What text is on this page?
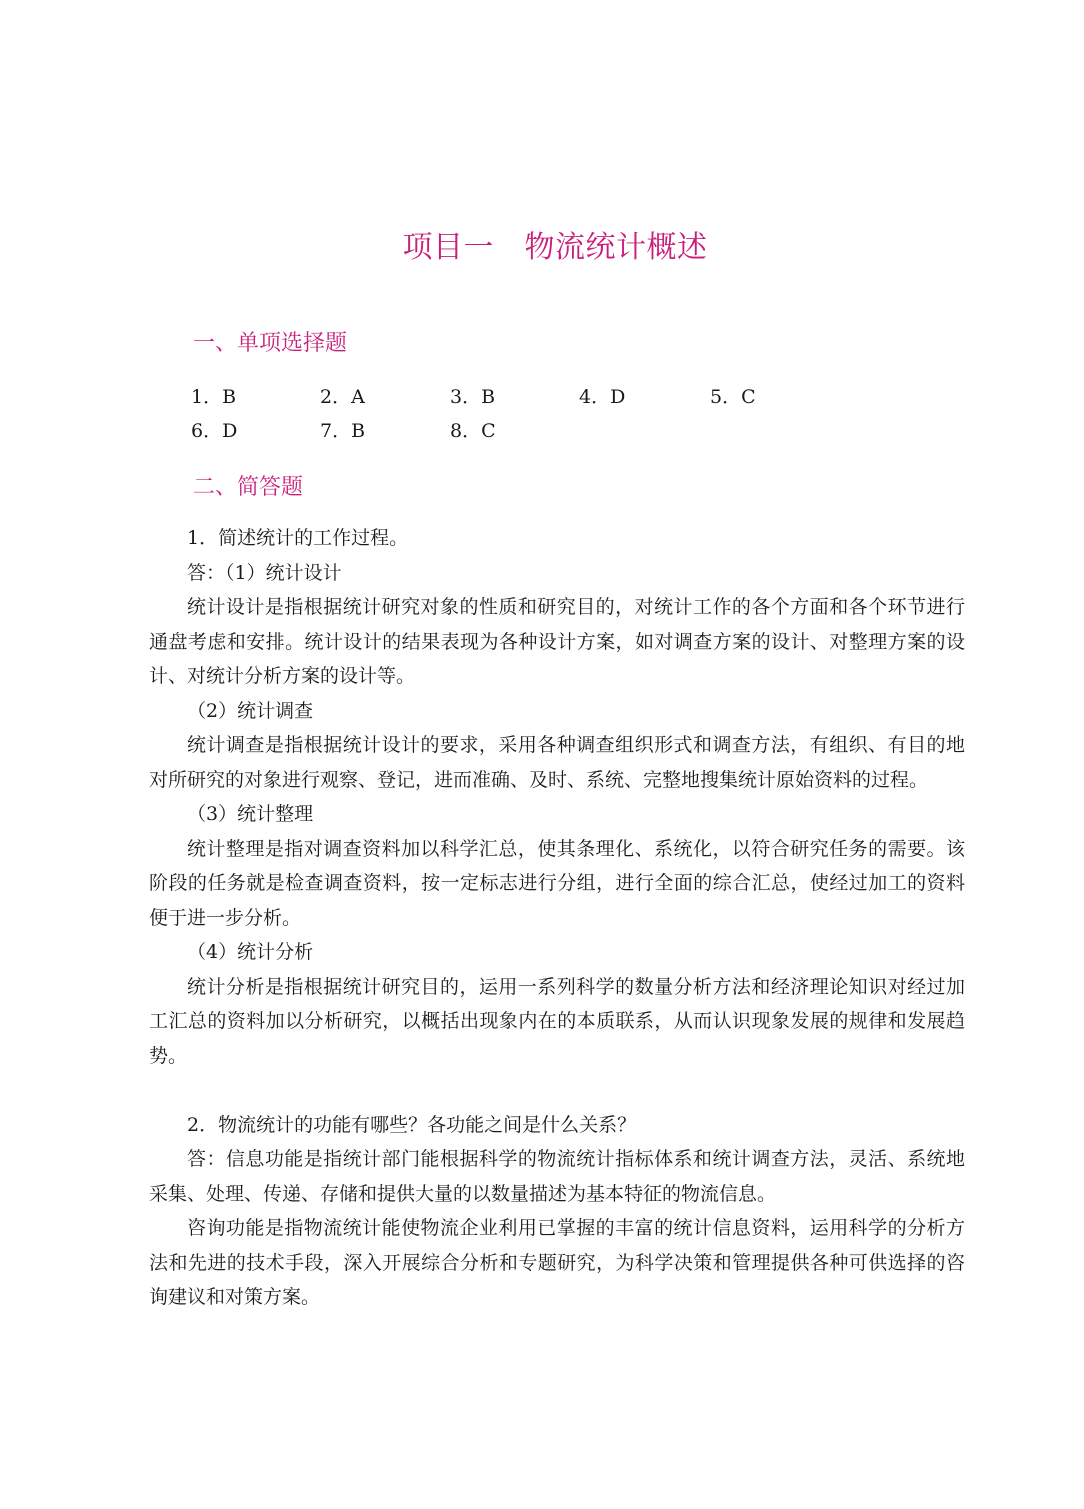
项目一　物流统计概述
一、单项选择题
1．B	2．A	3．B	4．D	5．C
6．D	7．B	8．C
二、简答题

1．简述统计的工作过程。

答：（1）统计设计

统计设计是指根据统计研究对象的性质和研究目的，对统计工作的各个方面和各个环节进行通盘考虑和安排。统计设计的结果表现为各种设计方案，如对调查方案的设计、对整理方案的设计、对统计分析方案的设计等。

（2）统计调查

统计调查是指根据统计设计的要求，采用各种调查组织形式和调查方法，有组织、有目的地对所研究的对象进行观察、登记，进而准确、及时、系统、完整地搜集统计原始资料的过程。

（3）统计整理

统计整理是指对调查资料加以科学汇总，使其条理化、系统化，以符合研究任务的需要。该阶段的任务就是检查调查资料，按一定标志进行分组，进行全面的综合汇总，使经过加工的资料便于进一步分析。

（4）统计分析

统计分析是指根据统计研究目的，运用一系列科学的数量分析方法和经济理论知识对经过加工汇总的资料加以分析研究，以概括出现象内在的本质联系，从而认识现象发展的规律和发展趋势。

2．物流统计的功能有哪些？各功能之间是什么关系？

答：信息功能是指统计部门能根据科学的物流统计指标体系和统计调查方法，灵活、系统地采集、处理、传递、存储和提供大量的以数量描述为基本特征的物流信息。

咨询功能是指物流统计能使物流企业利用已掌握的丰富的统计信息资料，运用科学的分析方法和先进的技术手段，深入开展综合分析和专题研究，为科学决策和管理提供各种可供选择的咨询建议和对策方案。
